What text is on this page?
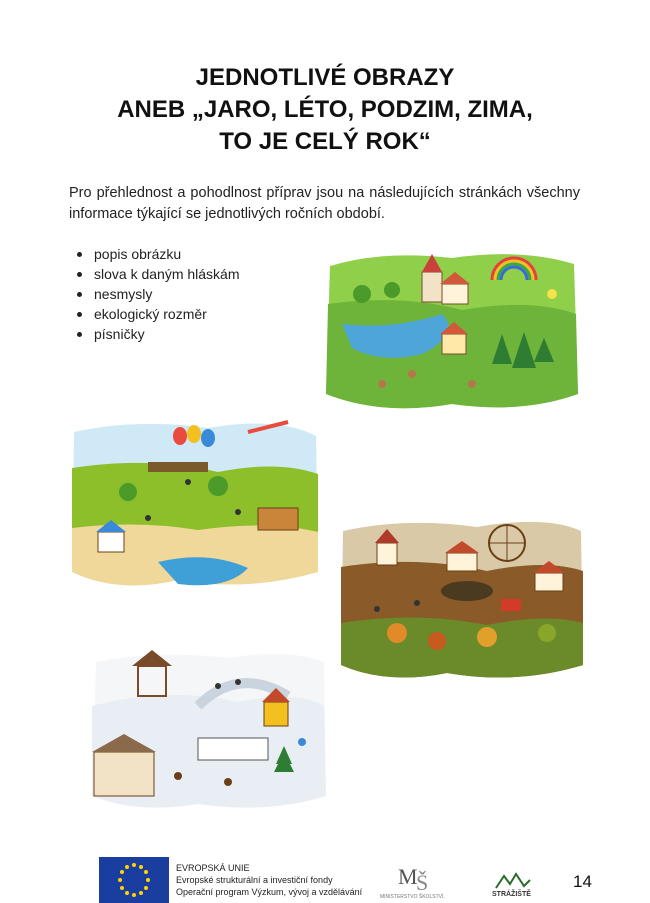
JEDNOTLIVÉ OBRAZY
ANEB „JARO, LÉTO, PODZIM, ZIMA,
TO JE CELÝ ROK“
Pro přehlednost a pohodlnost příprav jsou na následujících stránkách všechny informace týkající se jednotlivých ročních období.
popis obrázku
slova k daným hláskám
nesmysly
ekologický rozměr
písničky
EVROPSKÁ UNIE
Evropské strukturální a investiční fondy
Operační program Výzkum, vývoj a vzdělávání
M
Š
MINISTERSTVO ŠKOLSTVÍ,	STRÁŽIŠTĚ
14
